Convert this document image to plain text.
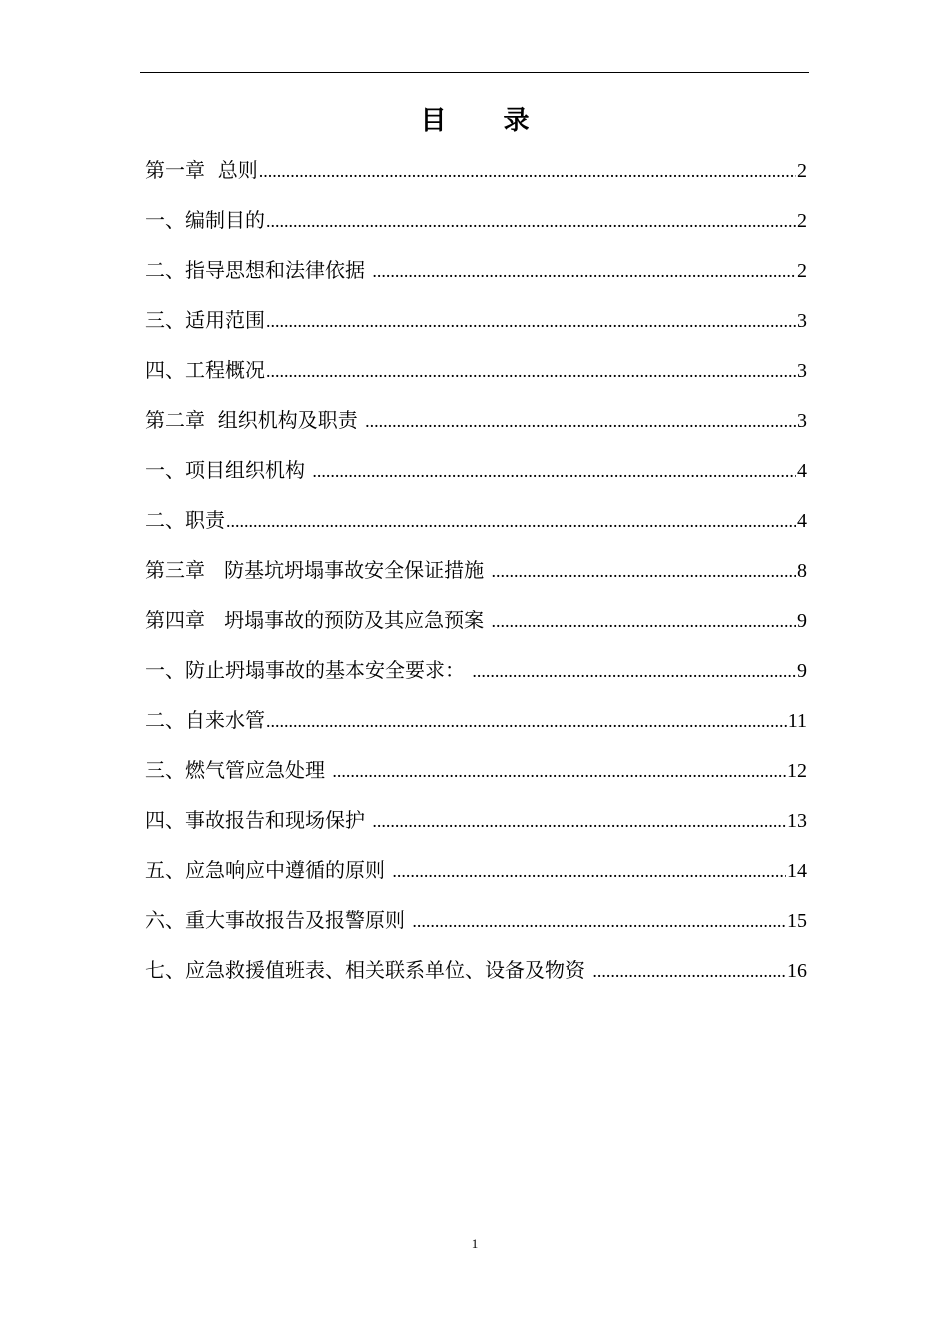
目 录
第一章  总则 .....	2
一、编制目的 .....	2
二、指导思想和法律依据 .....	2
三、适用范围 .....	3
四、工程概况 .....	3
第二章  组织机构及职责 .....	3
一、项目组织机构 .....	4
二、职责 .....	4
第三章   防基坑坍塌事故安全保证措施 .....	8
第四章   坍塌事故的预防及其应急预案 .....	9
一、防止坍塌事故的基本安全要求： .....	9
二、自来水管 .....	11
三、燃气管应急处理 .....	12
四、事故报告和现场保护 .....	13
五、应急响应中遵循的原则 .....	14
六、重大事故报告及报警原则 .....	15
七、应急救援值班表、相关联系单位、设备及物资 .....	16
1
